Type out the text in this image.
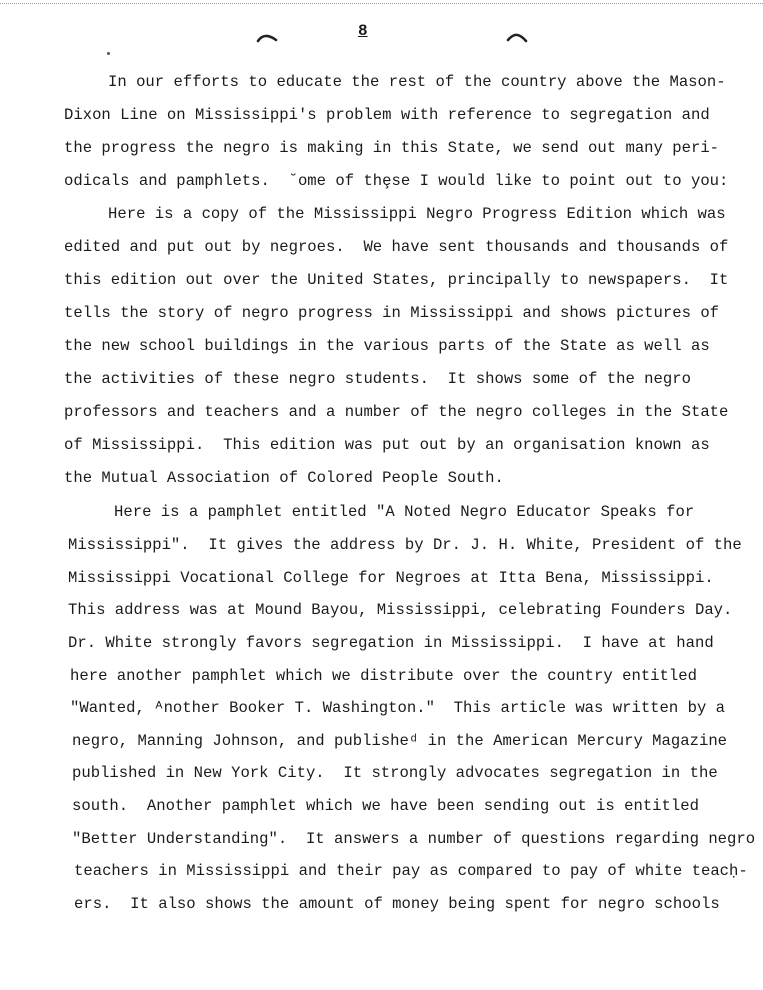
8
In our efforts to educate the rest of the country above the Mason-
Dixon Line on Mississippi's problem with reference to segregation and
the progress the negro is making in this State, we send out many peri-
odicals and pamphlets.  ˘ome of thȩse I would like to point out to you:
Here is a copy of the Mississippi Negro Progress Edition which was
edited and put out by negroes.  We have sent thousands and thousands of
this edition out over the United States, principally to newspapers.  It
tells the story of negro progress in Mississippi and shows pictures of
the new school buildings in the various parts of the State as well as
the activities of these negro students.  It shows some of the negro
professors and teachers and a number of the negro colleges in the State
of Mississippi.  This edition was put out by an organisation known as
the Mutual Association of Colored People South.
Here is a pamphlet entitled "A Noted Negro Educator Speaks for
Mississippi".  It gives the address by Dr. J. H. White, President of the
Mississippi Vocational College for Negroes at Itta Bena, Mississippi.
This address was at Mound Bayou, Mississippi, celebrating Founders Day.
Dr. White strongly favors segregation in Mississippi.  I have at hand
here another pamphlet which we distribute over the country entitled
"Wanted, ᴬnother Booker T. Washington."  This article was written by a
negro, Manning Johnson, and publisheᵈ in the American Mercury Magazine
published in New York City.  It strongly advocates segregation in the
south.  Another pamphlet which we have been sending out is entitled
"Better Understanding".  It answers a number of questions regarding negro
teachers in Mississippi and their pay as compared to pay of white teacḥ-
ers.  It also shows the amount of money being spent for negro schools
